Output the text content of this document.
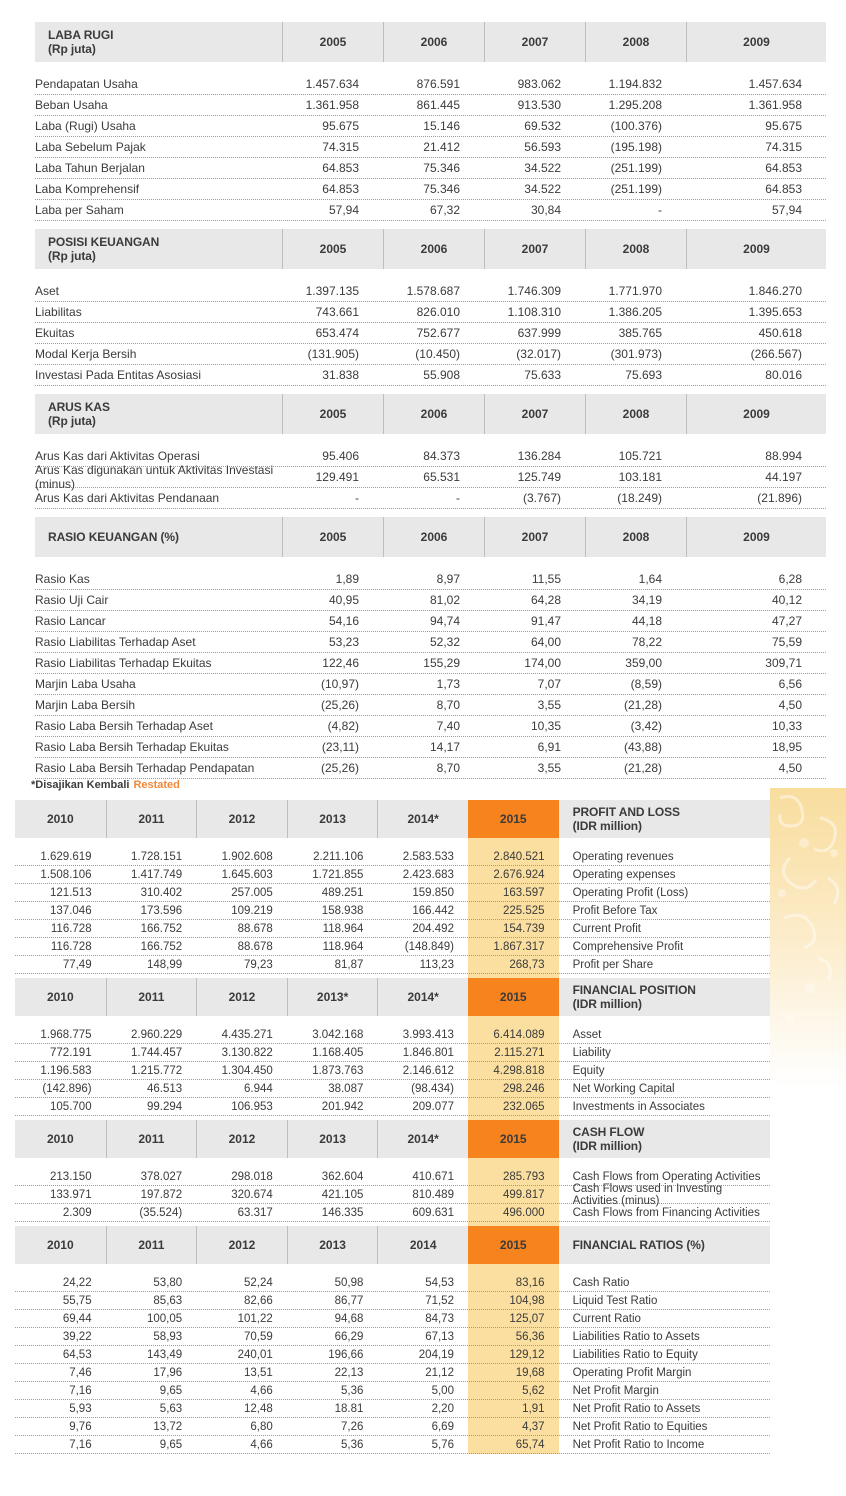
LABA RUGI
(Rp juta)	2005	2006	2007	2008	2009
Pendapatan Usaha	1.457.634	876.591	983.062	1.194.832	1.457.634
Beban Usaha	1.361.958	861.445	913.530	1.295.208	1.361.958
Laba (Rugi) Usaha	95.675	15.146	69.532	(100.376)	95.675
Laba Sebelum Pajak	74.315	21.412	56.593	(195.198)	74.315
Laba Tahun Berjalan	64.853	75.346	34.522	(251.199)	64.853
Laba Komprehensif	64.853	75.346	34.522	(251.199)	64.853
Laba per Saham	57,94	67,32	30,84	-	57,94
POSISI KEUANGAN
(Rp juta)	2005	2006	2007	2008	2009
Aset	1.397.135	1.578.687	1.746.309	1.771.970	1.846.270
Liabilitas	743.661	826.010	1.108.310	1.386.205	1.395.653
Ekuitas	653.474	752.677	637.999	385.765	450.618
Modal Kerja Bersih	(131.905)	(10.450)	(32.017)	(301.973)	(266.567)
Investasi Pada Entitas Asosiasi	31.838	55.908	75.633	75.693	80.016
ARUS KAS
(Rp juta)	2005	2006	2007	2008	2009
Arus Kas dari Aktivitas Operasi	95.406	84.373	136.284	105.721	88.994
Arus Kas digunakan untuk Aktivitas Investasi (minus)	129.491	65.531	125.749	103.181	44.197
Arus Kas dari Aktivitas Pendanaan	-	-	(3.767)	(18.249)	(21.896)
RASIO KEUANGAN (%)	2005	2006	2007	2008	2009
Rasio Kas	1,89	8,97	11,55	1,64	6,28
Rasio Uji Cair	40,95	81,02	64,28	34,19	40,12
Rasio Lancar	54,16	94,74	91,47	44,18	47,27
Rasio Liabilitas Terhadap Aset	53,23	52,32	64,00	78,22	75,59
Rasio Liabilitas Terhadap Ekuitas	122,46	155,29	174,00	359,00	309,71
Marjin Laba Usaha	(10,97)	1,73	7,07	(8,59)	6,56
Marjin Laba Bersih	(25,26)	8,70	3,55	(21,28)	4,50
Rasio Laba Bersih Terhadap Aset	(4,82)	7,40	10,35	(3,42)	10,33
Rasio Laba Bersih Terhadap Ekuitas	(23,11)	14,17	6,91	(43,88)	18,95
Rasio Laba Bersih Terhadap Pendapatan	(25,26)	8,70	3,55	(21,28)	4,50
*Disajikan Kembali Restated
2010	2011	2012	2013	2014*	2015	PROFIT AND LOSS
(IDR million)
1.629.619	1.728.151	1.902.608	2.211.106	2.583.533	2.840.521	Operating revenues
1.508.106	1.417.749	1.645.603	1.721.855	2.423.683	2.676.924	Operating expenses
121.513	310.402	257.005	489.251	159.850	163.597	Operating Profit (Loss)
137.046	173.596	109.219	158.938	166.442	225.525	Profit Before Tax
116.728	166.752	88.678	118.964	204.492	154.739	Current Profit
116.728	166.752	88.678	118.964	(148.849)	1.867.317	Comprehensive Profit
77,49	148,99	79,23	81,87	113,23	268,73	Profit per Share
2010	2011	2012	2013*	2014*	2015	FINANCIAL POSITION
(IDR million)
1.968.775	2.960.229	4.435.271	3.042.168	3.993.413	6.414.089	Asset
772.191	1.744.457	3.130.822	1.168.405	1.846.801	2.115.271	Liability
1.196.583	1.215.772	1.304.450	1.873.763	2.146.612	4.298.818	Equity
(142.896)	46.513	6.944	38.087	(98.434)	298.246	Net Working Capital
105.700	99.294	106.953	201.942	209.077	232.065	Investments in Associates
2010	2011	2012	2013	2014*	2015	CASH FLOW
(IDR million)
213.150	378.027	298.018	362.604	410.671	285.793	Cash Flows from Operating Activities
133.971	197.872	320.674	421.105	810.489	499.817	Cash Flows used in Investing Activities (minus)
2.309	(35.524)	63.317	146.335	609.631	496.000	Cash Flows from Financing Activities
2010	2011	2012	2013	2014	2015	FINANCIAL RATIOS (%)
24,22	53,80	52,24	50,98	54,53	83,16	Cash Ratio
55,75	85,63	82,66	86,77	71,52	104,98	Liquid Test Ratio
69,44	100,05	101,22	94,68	84,73	125,07	Current Ratio
39,22	58,93	70,59	66,29	67,13	56,36	Liabilities Ratio to Assets
64,53	143,49	240,01	196,66	204,19	129,12	Liabilities Ratio to Equity
7,46	17,96	13,51	22,13	21,12	19,68	Operating Profit Margin
7,16	9,65	4,66	5,36	5,00	5,62	Net Profit Margin
5,93	5,63	12,48	18.81	2,20	1,91	Net Profit Ratio to Assets
9,76	13,72	6,80	7,26	6,69	4,37	Net Profit Ratio to Equities
7,16	9,65	4,66	5,36	5,76	65,74	Net Profit Ratio to Income
